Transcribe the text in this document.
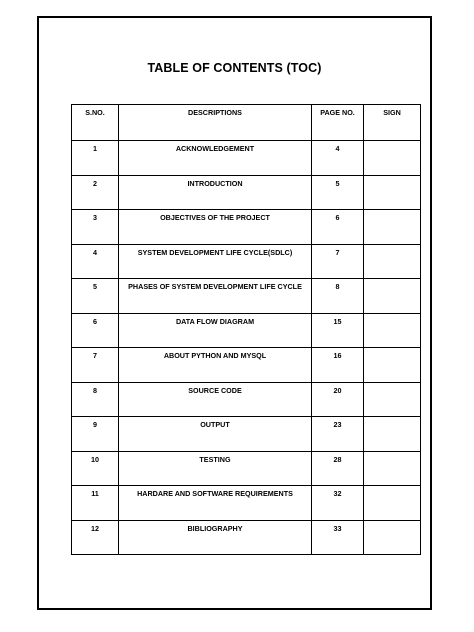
TABLE OF CONTENTS (TOC)
S.NO.	DESCRIPTIONS	PAGE NO.	SIGN
1	ACKNOWLEDGEMENT	4	
2	INTRODUCTION	5	
3	OBJECTIVES OF THE PROJECT	6	
4	SYSTEM DEVELOPMENT LIFE CYCLE(SDLC)	7	
5	PHASES OF SYSTEM DEVELOPMENT LIFE CYCLE	8	
6	DATA FLOW DIAGRAM	15	
7	ABOUT PYTHON AND MYSQL	16	
8	SOURCE CODE	20	
9	OUTPUT	23	
10	TESTING	28	
11	HARDARE AND SOFTWARE REQUIREMENTS	32	
12	BIBLIOGRAPHY	33	
